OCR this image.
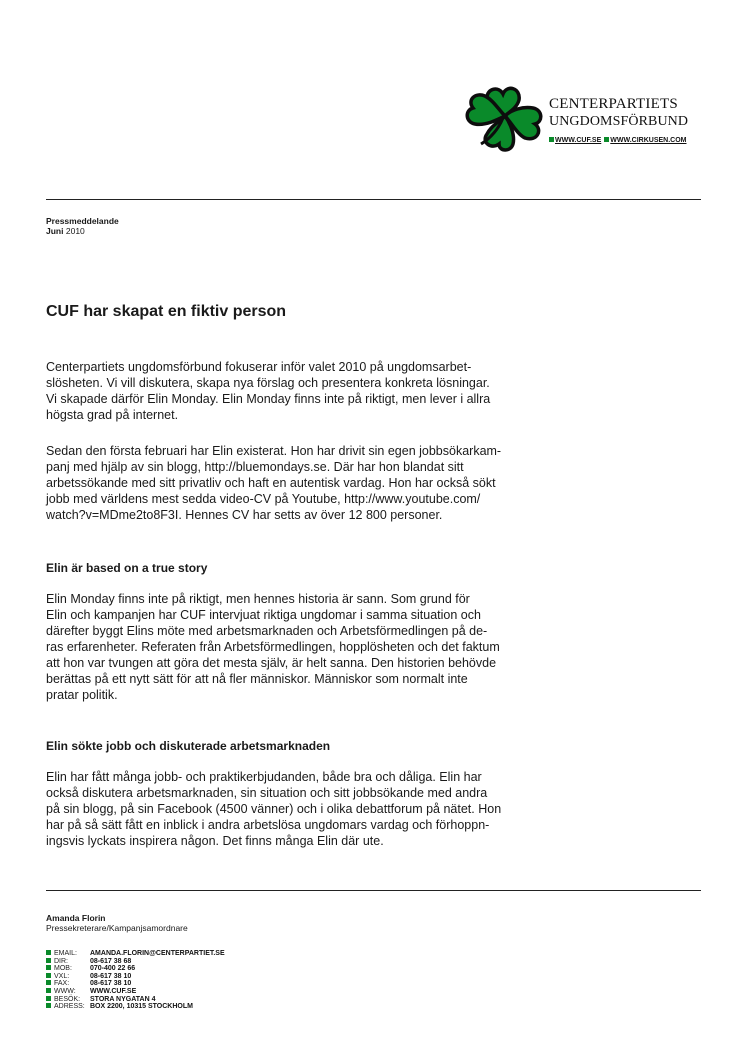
CENTERPARTIETS
UNGDOMSFÖRBUND
WWW.CUF.SE WWW.CIRKUSEN.COM
Pressmeddelande
Juni 2010
CUF har skapat en fiktiv person

Centerpartiets ungdomsförbund fokuserar inför valet 2010 på ungdomsarbet-
slösheten. Vi vill diskutera, skapa nya förslag och presentera konkreta lösningar.
Vi skapade därför Elin Monday. Elin Monday finns inte på riktigt, men lever i allra
högsta grad på internet.

Sedan den första februari har Elin existerat. Hon har drivit sin egen jobbsökarkam-
panj med hjälp av sin blogg, http://bluemondays.se. Där har hon blandat sitt
arbetssökande med sitt privatliv och haft en autentisk vardag. Hon har också sökt
jobb med världens mest sedda video-CV på Youtube, http://www.youtube.com/
watch?v=MDme2to8F3I. Hennes CV har setts av över 12 800 personer.

Elin är based on a true story

Elin Monday finns inte på riktigt, men hennes historia är sann. Som grund för
Elin och kampanjen har CUF intervjuat riktiga ungdomar i samma situation och
därefter byggt Elins möte med arbetsmarknaden och Arbetsförmedlingen på de-
ras erfarenheter. Referaten från Arbetsförmedlingen, hopplösheten och det faktum
att hon var tvungen att göra det mesta själv, är helt sanna. Den historien behövde
berättas på ett nytt sätt för att nå fler människor. Människor som normalt inte
pratar politik.

Elin sökte jobb och diskuterade arbetsmarknaden

Elin har fått många jobb- och praktikerbjudanden, både bra och dåliga. Elin har
också diskutera arbetsmarknaden, sin situation och sitt jobbsökande med andra
på sin blogg, på sin Facebook (4500 vänner) och i olika debattforum på nätet. Hon
har på så sätt fått en inblick i andra arbetslösa ungdomars vardag och förhoppn-
ingsvis lyckats inspirera någon. Det finns många Elin där ute.

Amanda Florin
Pressekreterare/Kampanjsamordnare
EMAIL: AMANDA.FLORIN@CENTERPARTIET.SE
DIR:	08-617 38 68
MOB:	070-400 22 66
VXL:	08-617 38 10
FAX:	08-617 38 10
WWW: WWW.CUF.SE
BESÖK: STORA NYGATAN 4
ADRESS: BOX 2200, 10315 STOCKHOLM
